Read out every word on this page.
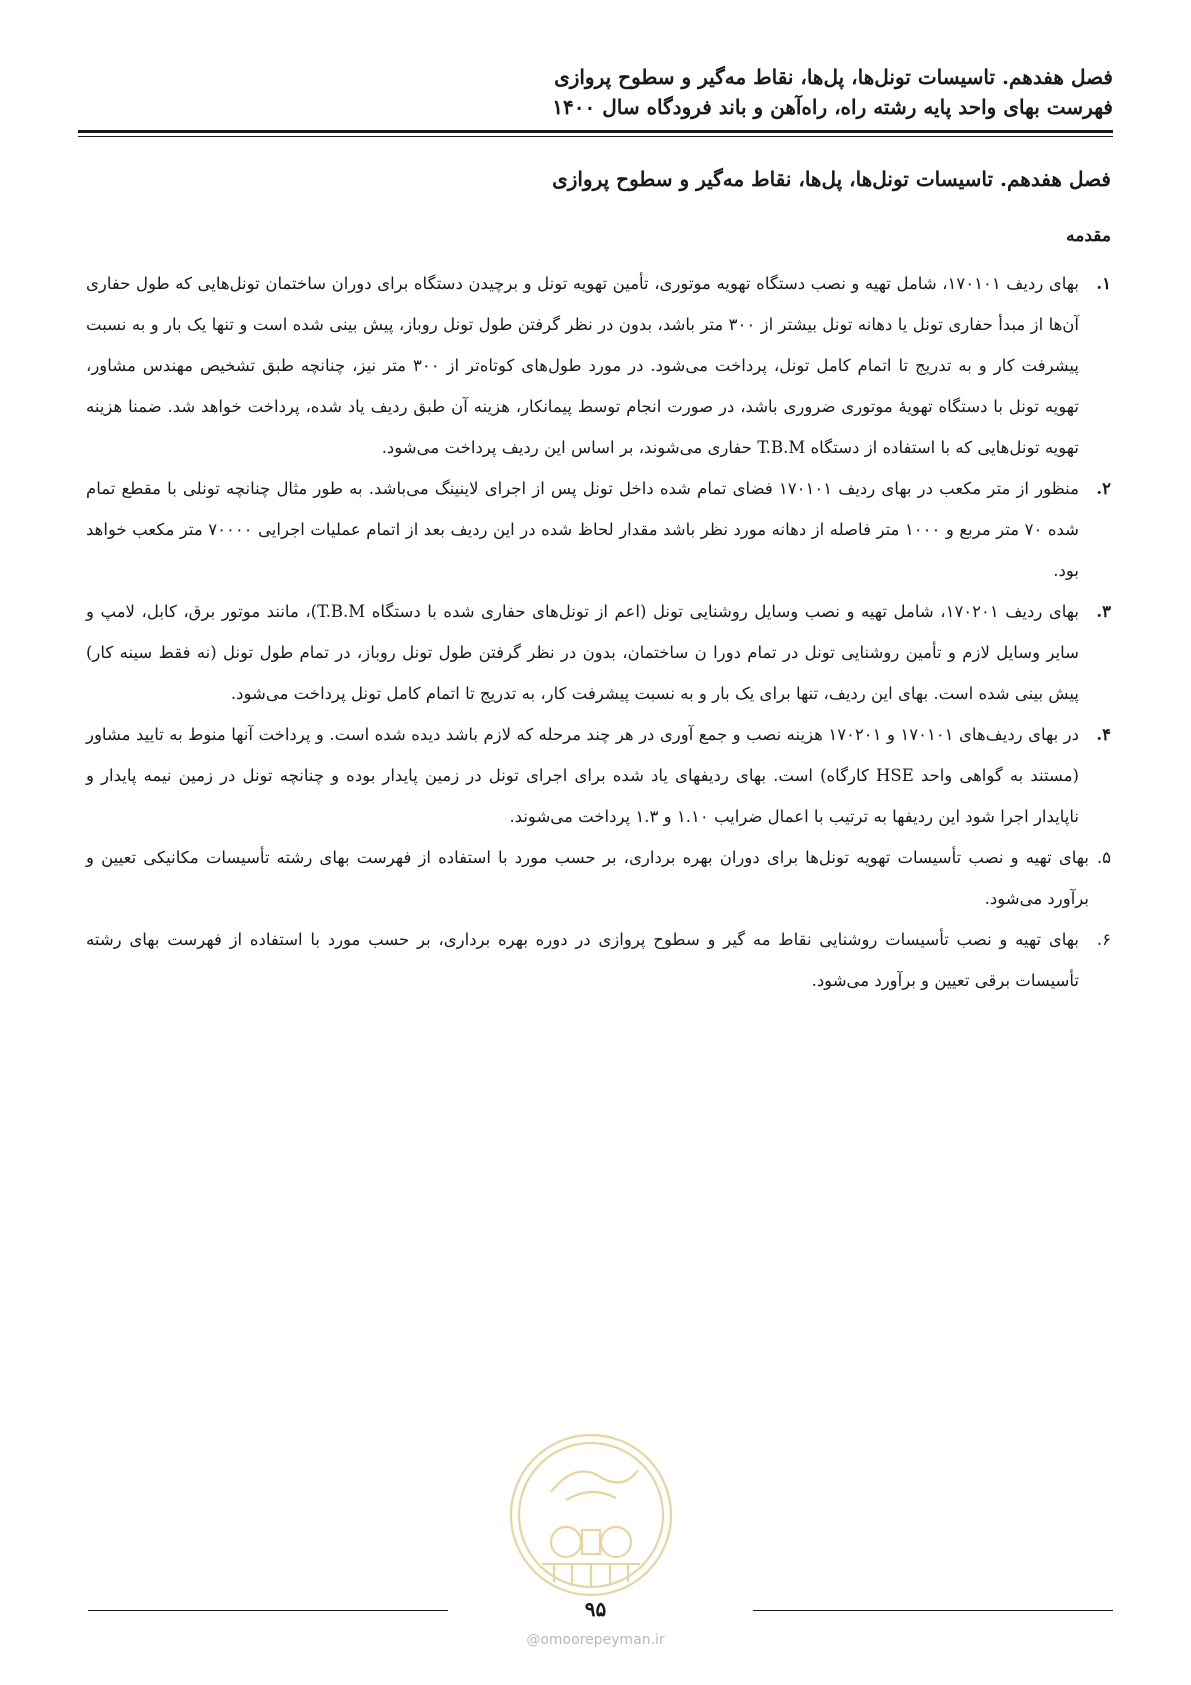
فصل هفدهم. تاسیسات تونل‌ها، پل‌ها، نقاط مه‌گیر و سطوح پروازی
فهرست بهای واحد پایه رشته راه، راه‌آهن و باند فرودگاه سال ۱۴۰۰
فصل هفدهم. تاسیسات تونل‌ها، پل‌ها، نقاط مه‌گیر و سطوح پروازی
مقدمه
۱.
بهای ردیف ۱۷۰۱۰۱، شامل تهیه و نصب دستگاه تهویه موتوری، تأمین تهویه تونل و برچیدن دستگاه برای دوران ساختمان تونل‌هایی که طول حفاری آن‌ها از مبدأ حفاری تونل یا دهانه تونل بیشتر از ۳۰۰ متر باشد، بدون در نظر گرفتن طول تونل روباز، پیش بینی شده است و تنها یک بار و به نسبت پیشرفت کار و به تدریج تا اتمام کامل تونل، پرداخت می‌شود. در مورد طول‌های کوتاه‌تر از ۳۰۰ متر نیز، چنانچه طبق تشخیص مهندس مشاور، تهویه تونل با دستگاه تهویهٔ موتوری ضروری باشد، در صورت انجام توسط پیمانکار، هزینه آن طبق ردیف یاد شده، پرداخت خواهد شد. ضمنا هزینه تهویه تونل‌هایی که با استفاده از دستگاه T.B.M حفاری می‌شوند، بر اساس این ردیف پرداخت می‌شود.
۲.
منظور از متر مکعب در بهای ردیف ۱۷۰۱۰۱ فضای تمام شده داخل تونل پس از اجرای لاینینگ می‌باشد. به طور مثال چنانچه تونلی با مقطع تمام شده ۷۰ متر مربع و ۱۰۰۰ متر فاصله از دهانه مورد نظر باشد مقدار لحاظ شده در این ردیف بعد از اتمام عملیات اجرایی ۷۰۰۰۰ متر مکعب خواهد بود.
۳.
بهای ردیف ۱۷۰۲۰۱، شامل تهیه و نصب وسایل روشنایی تونل (اعم از تونل‌های حفاری شده با دستگاه T.B.M)، مانند موتور برق، کابل، لامپ و سایر وسایل لازم و تأمین روشنایی تونل در تمام دورا ن ساختمان، بدون در نظر گرفتن طول تونل روباز، در تمام طول تونل (نه فقط سینه کار) پیش بینی شده است. بهای این ردیف، تنها برای یک بار و به نسبت پیشرفت کار، به تدریج تا اتمام کامل تونل پرداخت می‌شود.
۴.
در بهای ردیف‌های ۱۷۰۱۰۱ و ۱۷۰۲۰۱ هزینه نصب و جمع آوری در هر چند مرحله که لازم باشد دیده شده است. و پرداخت آنها منوط به تایید مشاور (مستند به گواهی واحد HSE کارگاه) است. بهای ردیفهای یاد شده برای اجرای تونل در زمین پایدار بوده و چنانچه تونل در زمین نیمه پایدار و ناپایدار اجرا شود این ردیفها به ترتیب با اعمال ضرایب ۱.۱۰ و ۱.۳ پرداخت می‌شوند.
۵.
بهای تهیه و نصب تأسیسات تهویه تونل‌ها برای دوران بهره برداری، بر حسب مورد با استفاده از فهرست بهای رشته تأسیسات مکانیکی تعیین و برآورد می‌شود.
۶.
بهای تهیه و نصب تأسیسات روشنایی نقاط مه گیر و سطوح پروازی در دوره بهره برداری، بر حسب مورد با استفاده از فهرست بهای رشته تأسیسات برقی تعیین و برآورد می‌شود.
۹۵
@omoorepeyman.ir
